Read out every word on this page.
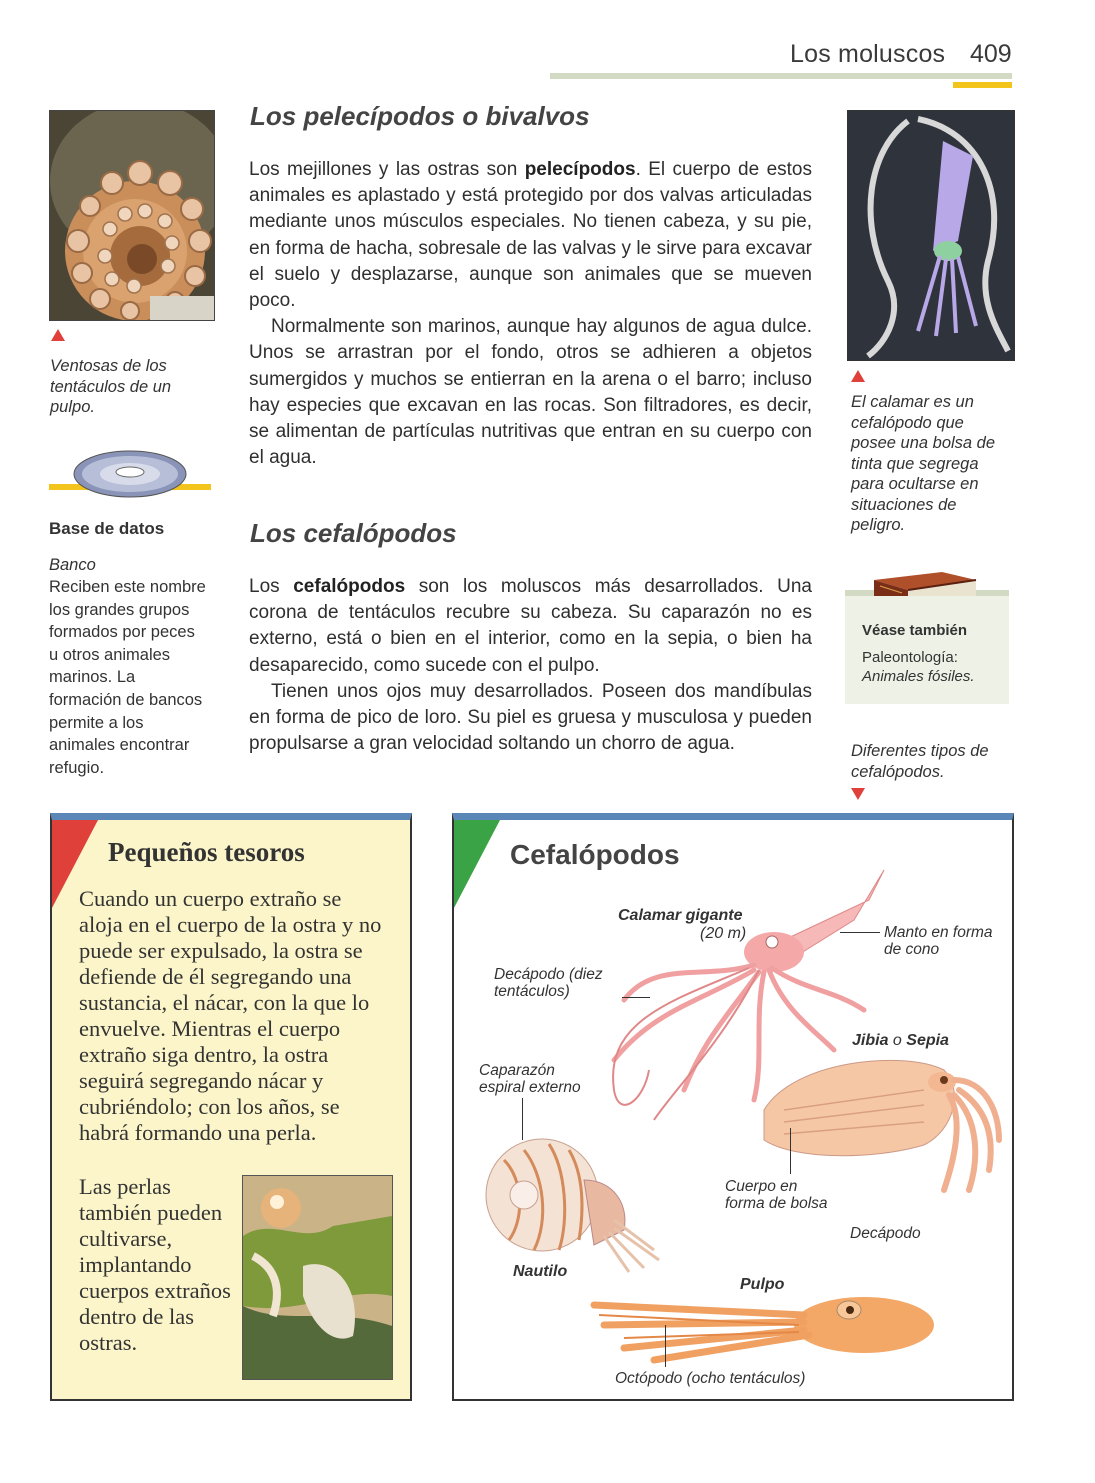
Los moluscos 409
Ventosas de los tentáculos de un pulpo.
Base de datos
Banco
Reciben este nombre los grandes grupos formados por peces u otros animales marinos. La formación de bancos permite a los animales encontrar refugio.
Los pelecípodos o bivalvos

Los mejillones y las ostras son pelecípodos. El cuerpo de estos animales es aplastado y está protegido por dos valvas articuladas mediante unos músculos especiales. No tienen cabeza, y su pie, en forma de hacha, sobresale de las valvas y le sirve para excavar el suelo y desplazarse, aunque son animales que se mueven poco.

Normalmente son marinos, aunque hay algunos de agua dulce. Unos se arrastran por el fondo, otros se adhieren a objetos sumergidos y muchos se entierran en la arena o el barro; incluso hay especies que excavan en las rocas. Son filtradores, es decir, se alimentan de partículas nutritivas que entran en su cuerpo con el agua.

Los cefalópodos

Los cefalópodos son los moluscos más desarrollados. Una corona de tentáculos recubre su cabeza. Su caparazón no es externo, está o bien en el interior, como en la sepia, o bien ha desaparecido, como sucede con el pulpo.

Tienen unos ojos muy desarrollados. Poseen dos mandíbulas en forma de pico de loro. Su piel es gruesa y musculosa y pueden propulsarse a gran velocidad soltando un chorro de agua.

El calamar es un cefalópodo que posee una bolsa de tinta que segrega para ocultarse en situaciones de peligro.
Véase también
Paleontología:
Animales fósiles.
Diferentes tipos de cefalópodos.
Pequeños tesoros
Cuando un cuerpo extraño se aloja en el cuerpo de la ostra y no puede ser expulsado, la ostra se defiende de él segregando una sustancia, el nácar, con la que lo envuelve. Mientras el cuerpo extraño siga dentro, la ostra seguirá segregando nácar y cubriéndolo; con los años, se habrá formando una perla.
Las perlas también pueden cultivarse, implantando cuerpos extraños dentro de las ostras.
Cefalópodos
Calamar gigante
(20 m)	Manto en forma de cono
Decápodo (diez tentáculos)
Jibia o Sepia
Caparazón espiral externo
Cuerpo en forma de bolsa
Decápodo
Nautilo
Pulpo
Octópodo (ocho tentáculos)
